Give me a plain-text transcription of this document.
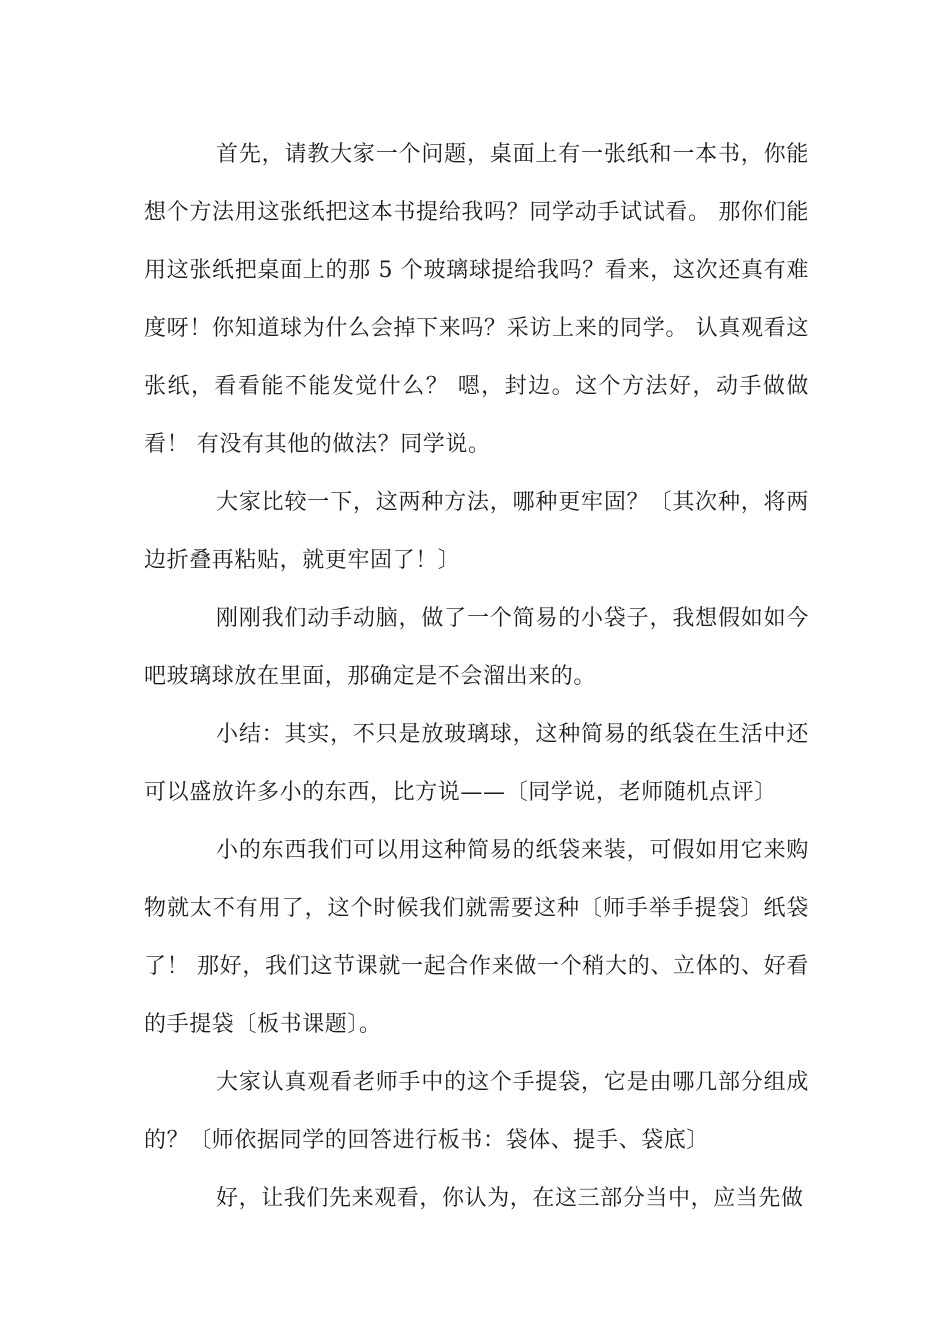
首先，请教大家一个问题，桌面上有一张纸和一本书，你能想个方法用这张纸把这本书提给我吗？同学动手试试看。 那你们能用这张纸把桌面上的那 5 个玻璃球提给我吗？看来，这次还真有难度呀！你知道球为什么会掉下来吗？采访上来的同学。 认真观看这张纸，看看能不能发觉什么？ 嗯，封边。这个方法好，动手做做看！ 有没有其他的做法？同学说。

大家比较一下，这两种方法，哪种更牢固？〔其次种，将两边折叠再粘贴，就更牢固了！〕

刚刚我们动手动脑，做了一个简易的小袋子，我想假如如今吧玻璃球放在里面，那确定是不会溜出来的。

小结：其实，不只是放玻璃球，这种简易的纸袋在生活中还可以盛放许多小的东西，比方说——〔同学说，老师随机点评〕

小的东西我们可以用这种简易的纸袋来装，可假如用它来购物就太不有用了，这个时候我们就需要这种〔师手举手提袋〕纸袋了！ 那好，我们这节课就一起合作来做一个稍大的、立体的、好看的手提袋〔板书课题〕。

大家认真观看老师手中的这个手提袋，它是由哪几部分组成的？〔师依据同学的回答进行板书：袋体、提手、袋底〕

好，让我们先来观看，你认为，在这三部分当中，应当先做
